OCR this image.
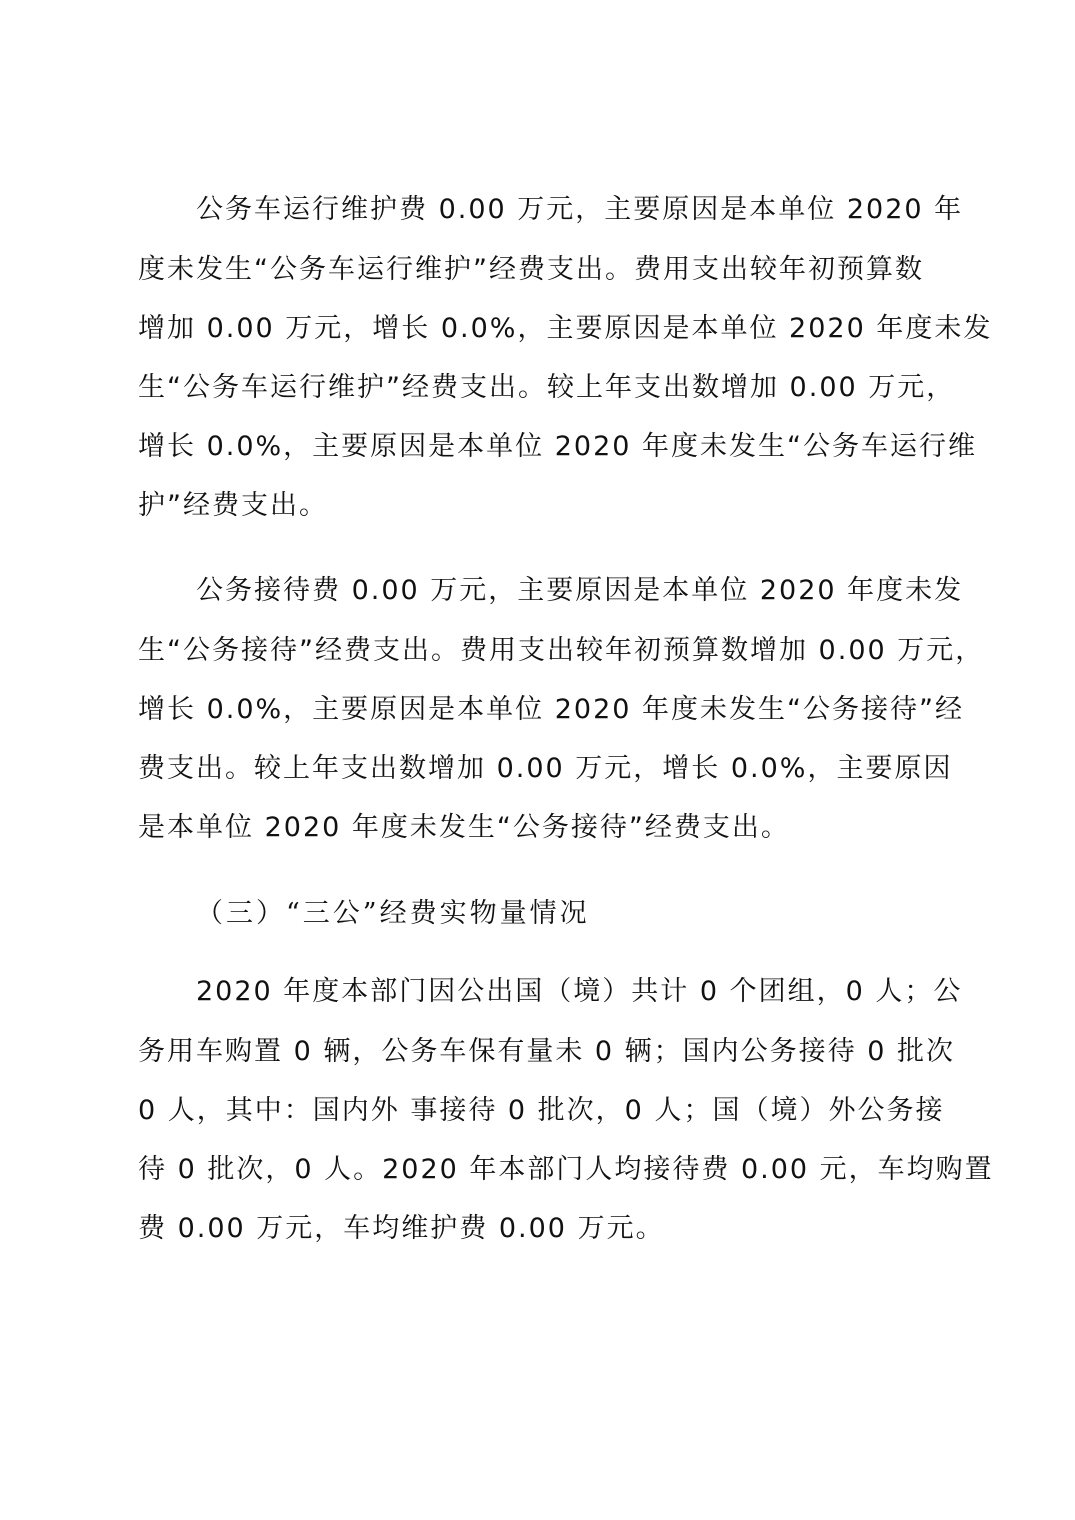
公务车运行维护费 0.00 万元，主要原因是本单位 2020 年
度未发生“公务车运行维护”经费支出。费用支出较年初预算数
增加 0.00 万元，增长 0.0%，主要原因是本单位 2020 年度未发
生“公务车运行维护”经费支出。较上年支出数增加 0.00 万元，
增长 0.0%，主要原因是本单位 2020 年度未发生“公务车运行维
护”经费支出。
公务接待费 0.00 万元，主要原因是本单位 2020 年度未发
生“公务接待”经费支出。费用支出较年初预算数增加 0.00 万元，
增长 0.0%，主要原因是本单位 2020 年度未发生“公务接待”经
费支出。较上年支出数增加 0.00 万元，增长 0.0%，主要原因
是本单位 2020 年度未发生“公务接待”经费支出。
（三）“三公”经费实物量情况
2020 年度本部门因公出国（境）共计 0 个团组，0 人；公
务用车购置 0 辆，公务车保有量未 0 辆；国内公务接待 0 批次
0 人，其中：国内外 事接待 0 批次，0 人；国（境）外公务接
待 0 批次，0 人。2020 年本部门人均接待费 0.00 元，车均购置
费 0.00 万元，车均维护费 0.00 万元。
